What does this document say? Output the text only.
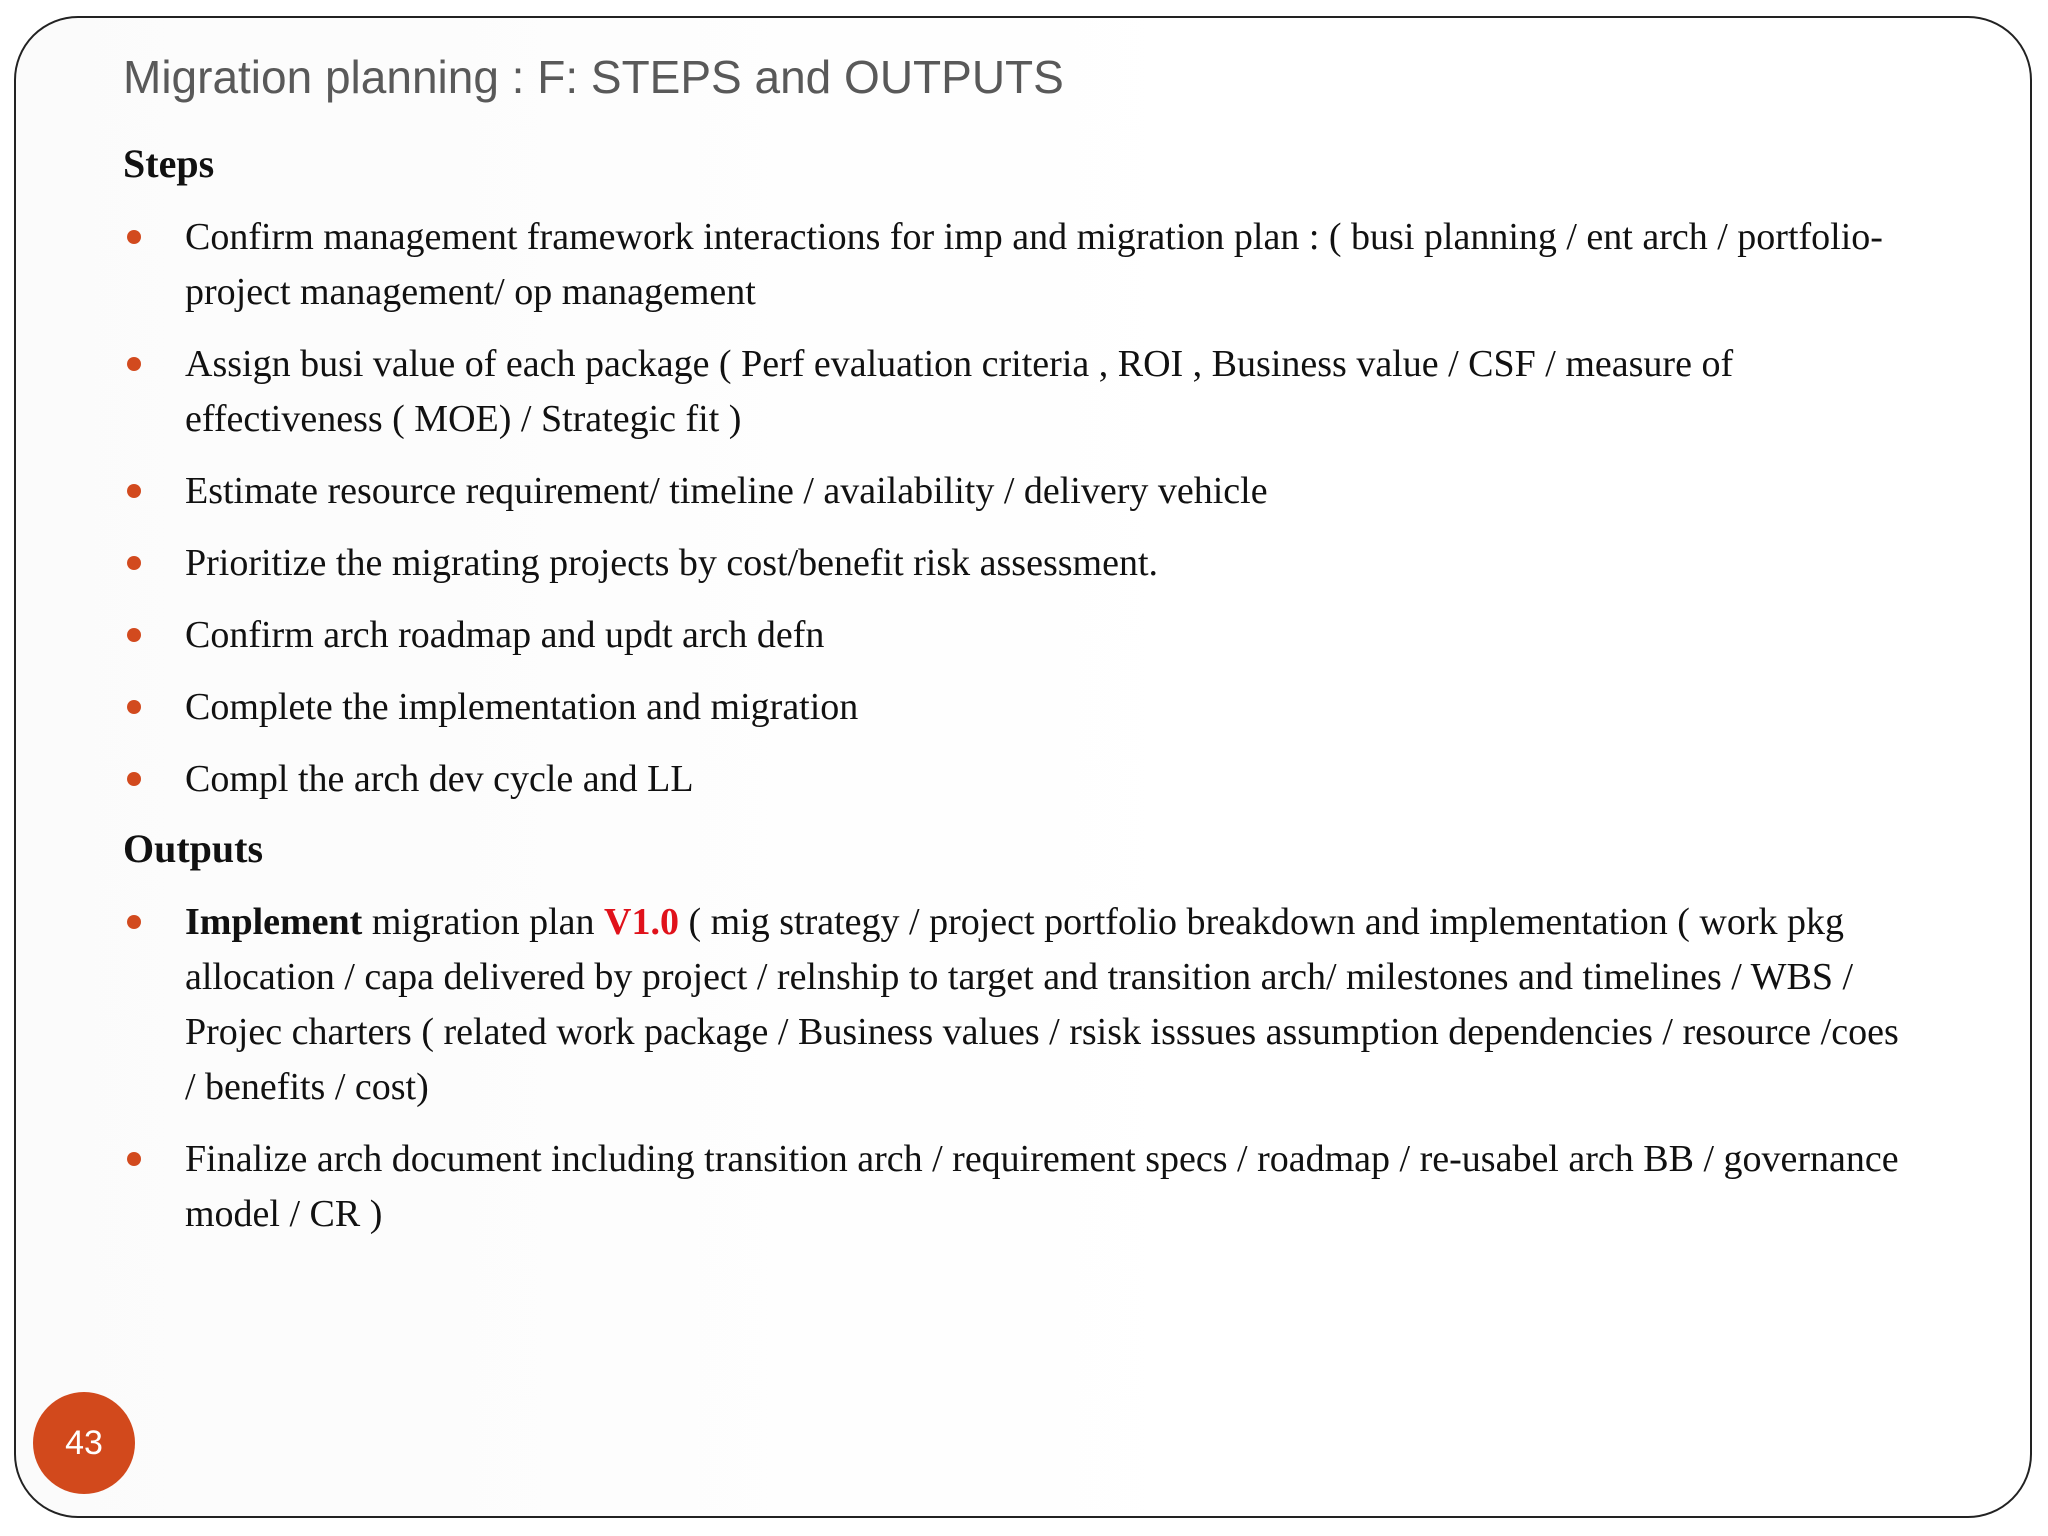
Migration planning : F: STEPS and OUTPUTS
Steps
Confirm management framework interactions for imp and migration plan : ( busi planning / ent arch / portfolio- project management/ op management
Assign busi value of each package ( Perf evaluation criteria , ROI , Business value / CSF / measure of effectiveness ( MOE) / Strategic fit )
Estimate resource requirement/ timeline / availability / delivery vehicle
Prioritize the migrating projects by cost/benefit risk assessment.
Confirm arch roadmap and updt arch defn
Complete the implementation and migration
Compl the arch dev cycle and LL
Outputs
Implement migration plan V1.0 ( mig strategy / project portfolio breakdown and implementation ( work pkg allocation / capa delivered by project / relnship to target and transition arch/ milestones and timelines / WBS / Projec charters ( related work package / Business values / rsisk isssues assumption dependencies / resource /coes / benefits / cost)
Finalize arch document including transition arch / requirement specs / roadmap / re-usabel arch BB / governance model / CR )
43
